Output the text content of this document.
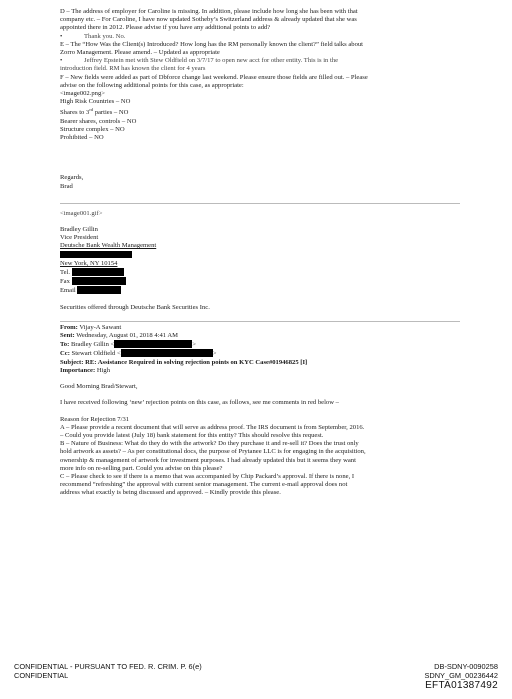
D – The address of employer for Caroline is missing. In addition, please include how long she has been with that
company etc. – For Caroline, I have now updated Sotheby’s Switzerland address & already updated that she was
appointed there in 2012. Please advise if you have any additional points to add?
•	Thank you. No.
E – The “How Was the Client(s) Introduced? How long has the RM personally known the client?” field talks about
Zorro Management. Please amend. – Updated as appropriate
•	Jeffrey Epstein met with Stew Oldfield on 3/7/17 to open new acct for other entity. This is in the
introduction field. RM has known the client for 4 years
F – New fields were added as part of Dbforce change last weekend. Please ensure those fields are filled out. – Please
advise on the following additional points for this case, as appropriate:
<image002.png>
High Risk Countries – NO
Shares to 3rd parties – NO
Bearer shares, controls – NO
Structure complex – NO
Prohibited – NO
Regards,
Brad
<image001.gif>
Bradley Gillin
Vice President
Deutsche Bank Wealth Management
New York, NY 10154
Tel.
Fax
Email
Securities offered through Deutsche Bank Securities Inc.
From: Vijay-A Sawant
Sent: Wednesday, August 01, 2018 4:41 AM
To: Bradley Gillin <	>
Cc: Stewart Oldfield <	>
Subject: RE: Assistance Required in solving rejection points on KYC Case#01946825 [I]
Importance: High
Good Morning Brad/Stewart,
I have received following ‘new’ rejection points on this case, as follows, see me comments in red below –
Reason for Rejection 7/31
A – Please provide a recent document that will serve as address proof. The IRS document is from September, 2016.
– Could you provide latest (July 18) bank statement for this entity? This should resolve this request.
B – Nature of Business: What do they do with the artwork? Do they purchase it and re-sell it? Does the trust only
hold artwork as assets? – As per constitutional docs, the purpose of Prytanee LLC is for engaging in the acquisition,
ownership & management of artwork for investment purposes. I had already updated this but it seems they want
more info on re-selling part. Could you advise on this please?
C – Please check to see if there is a memo that was accompanied by Chip Packard’s approval. If there is none, I
recommend “refreshing” the approval with current senior management. The current e-mail approval does not
address what exactly is being discussed and approved. – Kindly provide this please.
CONFIDENTIAL - PURSUANT TO FED. R. CRIM. P. 6(e)
CONFIDENTIAL
DB-SDNY-0090258
SDNY_GM_00236442
EFTA01387492
